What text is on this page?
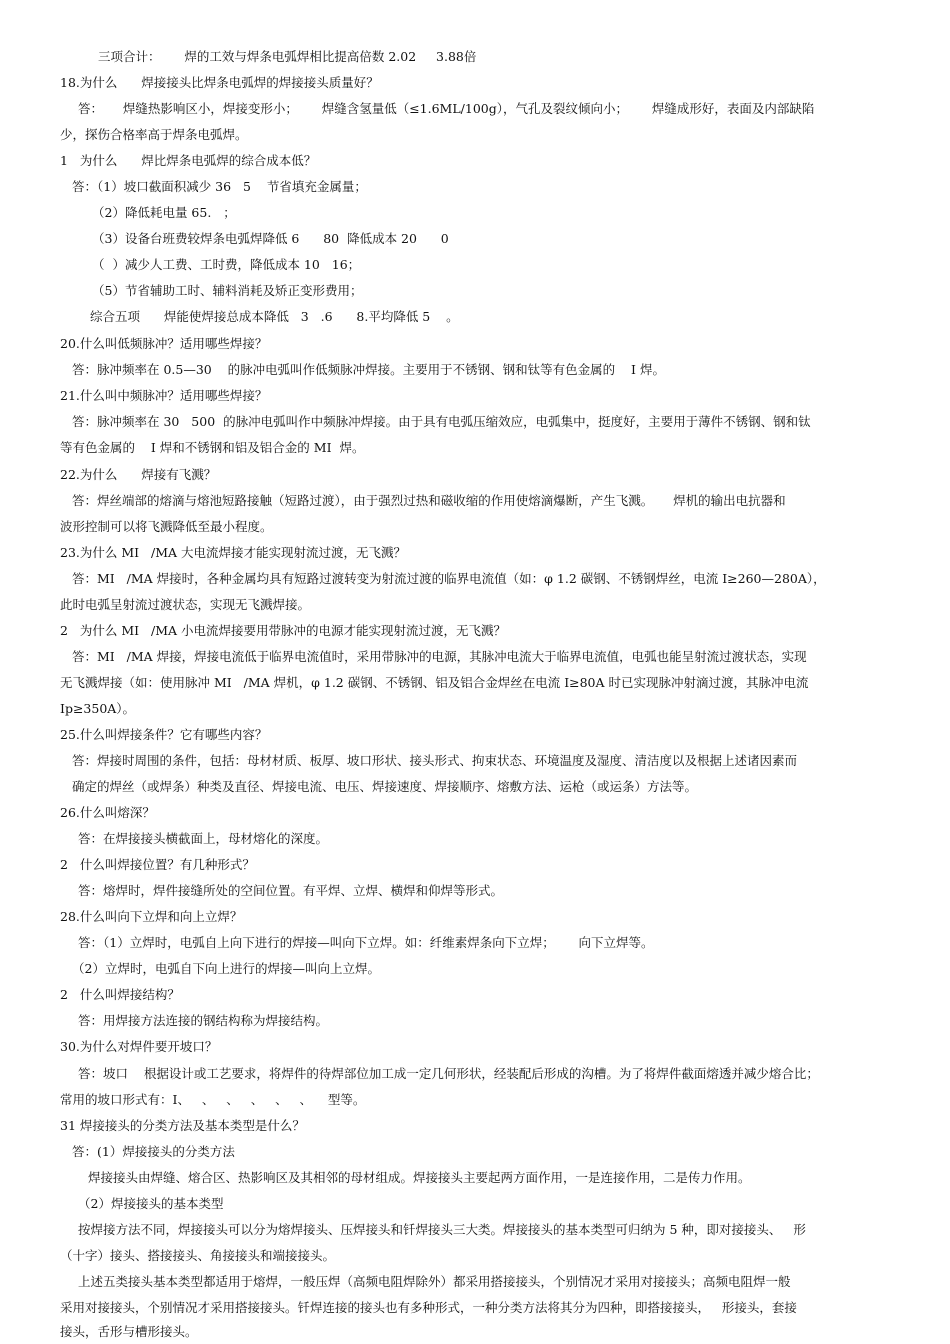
三项合计：      焊的工效与焊条电弧焊相比提高倍数 2.02     3.88倍
18.为什么      焊接接头比焊条电弧焊的焊接接头质量好？
答：     焊缝热影响区小，焊接变形小；      焊缝含氢量低（≤1.6ML/100g），气孔及裂纹倾向小；      焊缝成形好，表面及内部缺陷
少，探伤合格率高于焊条电弧焊。
1   为什么      焊比焊条电弧焊的综合成本低？
答：（1）坡口截面积减少 36   5    节省填充金属量；
（2）降低耗电量 65.   ；
（3）设备台班费较焊条电弧焊降低 6      80  降低成本 20      0
（  ）减少人工费、工时费，降低成本 10   16；
（5）节省辅助工时、辅料消耗及矫正变形费用；
综合五项      焊能使焊接总成本降低   3   .6      8.平均降低 5    。
20.什么叫低频脉冲？适用哪些焊接？
答：脉冲频率在 0.5—30    的脉冲电弧叫作低频脉冲焊接。主要用于不锈钢、钢和钛等有色金属的    I 焊。
21.什么叫中频脉冲？适用哪些焊接？
答：脉冲频率在 30   500  的脉冲电弧叫作中频脉冲焊接。由于具有电弧压缩效应，电弧集中，挺度好，主要用于薄件不锈钢、钢和钛
等有色金属的    I 焊和不锈钢和铝及铝合金的 MI  焊。
22.为什么      焊接有飞溅？
答：焊丝端部的熔滴与熔池短路接触（短路过渡），由于强烈过热和磁收缩的作用使熔滴爆断，产生飞溅。     焊机的输出电抗器和
波形控制可以将飞溅降低至最小程度。
23.为什么 MI   /MA 大电流焊接才能实现射流过渡，无飞溅？
答：MI   /MA 焊接时，各种金属均具有短路过渡转变为射流过渡的临界电流值（如：φ 1.2 碳钢、不锈钢焊丝，电流 I≥260—280A），
此时电弧呈射流过渡状态，实现无飞溅焊接。
2   为什么 MI   /MA 小电流焊接要用带脉冲的电源才能实现射流过渡，无飞溅？
答：MI   /MA 焊接，焊接电流低于临界电流值时，采用带脉冲的电源，其脉冲电流大于临界电流值，电弧也能呈射流过渡状态，实现
无飞溅焊接（如：使用脉冲 MI   /MA 焊机，φ 1.2 碳钢、不锈钢、铝及铝合金焊丝在电流 I≥80A 时已实现脉冲射滴过渡，其脉冲电流
Ip≥350A）。
25.什么叫焊接条件？它有哪些内容？
答：焊接时周围的条件，包括：母材材质、板厚、坡口形状、接头形式、拘束状态、环境温度及湿度、清洁度以及根据上述诸因素而
确定的焊丝（或焊条）种类及直径、焊接电流、电压、焊接速度、焊接顺序、熔敷方法、运枪（或运条）方法等。
26.什么叫熔深？
答：在焊接接头横截面上，母材熔化的深度。
2   什么叫焊接位置？有几种形式？
答：熔焊时，焊件接缝所处的空间位置。有平焊、立焊、横焊和仰焊等形式。
28.什么叫向下立焊和向上立焊？
答：（1）立焊时，电弧自上向下进行的焊接—叫向下立焊。如：纤维素焊条向下立焊；      向下立焊等。
（2）立焊时，电弧自下向上进行的焊接—叫向上立焊。
2   什么叫焊接结构？
答：用焊接方法连接的钢结构称为焊接结构。
30.为什么对焊件要开坡口？
答：坡口    根据设计或工艺要求，将焊件的待焊部位加工成一定几何形状，经装配后形成的沟槽。为了将焊件截面熔透并减少熔合比；
常用的坡口形式有：I、   、   、   、   、   、    型等。
31 焊接接头的分类方法及基本类型是什么？
答：(1）焊接接头的分类方法
焊接接头由焊缝、熔合区、热影响区及其相邻的母材组成。焊接接头主要起两方面作用，一是连接作用，二是传力作用。
（2）焊接接头的基本类型
按焊接方法不同，焊接接头可以分为熔焊接头、压焊接头和钎焊接头三大类。焊接接头的基本类型可归纳为 5 种，即对接接头、   形
（十字）接头、搭接接头、角接接头和端接接头。
上述五类接头基本类型都适用于熔焊，一般压焊（高频电阻焊除外）都采用搭接接头，个别情况才采用对接接头；高频电阻焊一般
采用对接接头，个别情况才采用搭接接头。钎焊连接的接头也有多种形式，一种分类方法将其分为四种，即搭接接头，   形接头，套接
接头，舌形与槽形接头。
